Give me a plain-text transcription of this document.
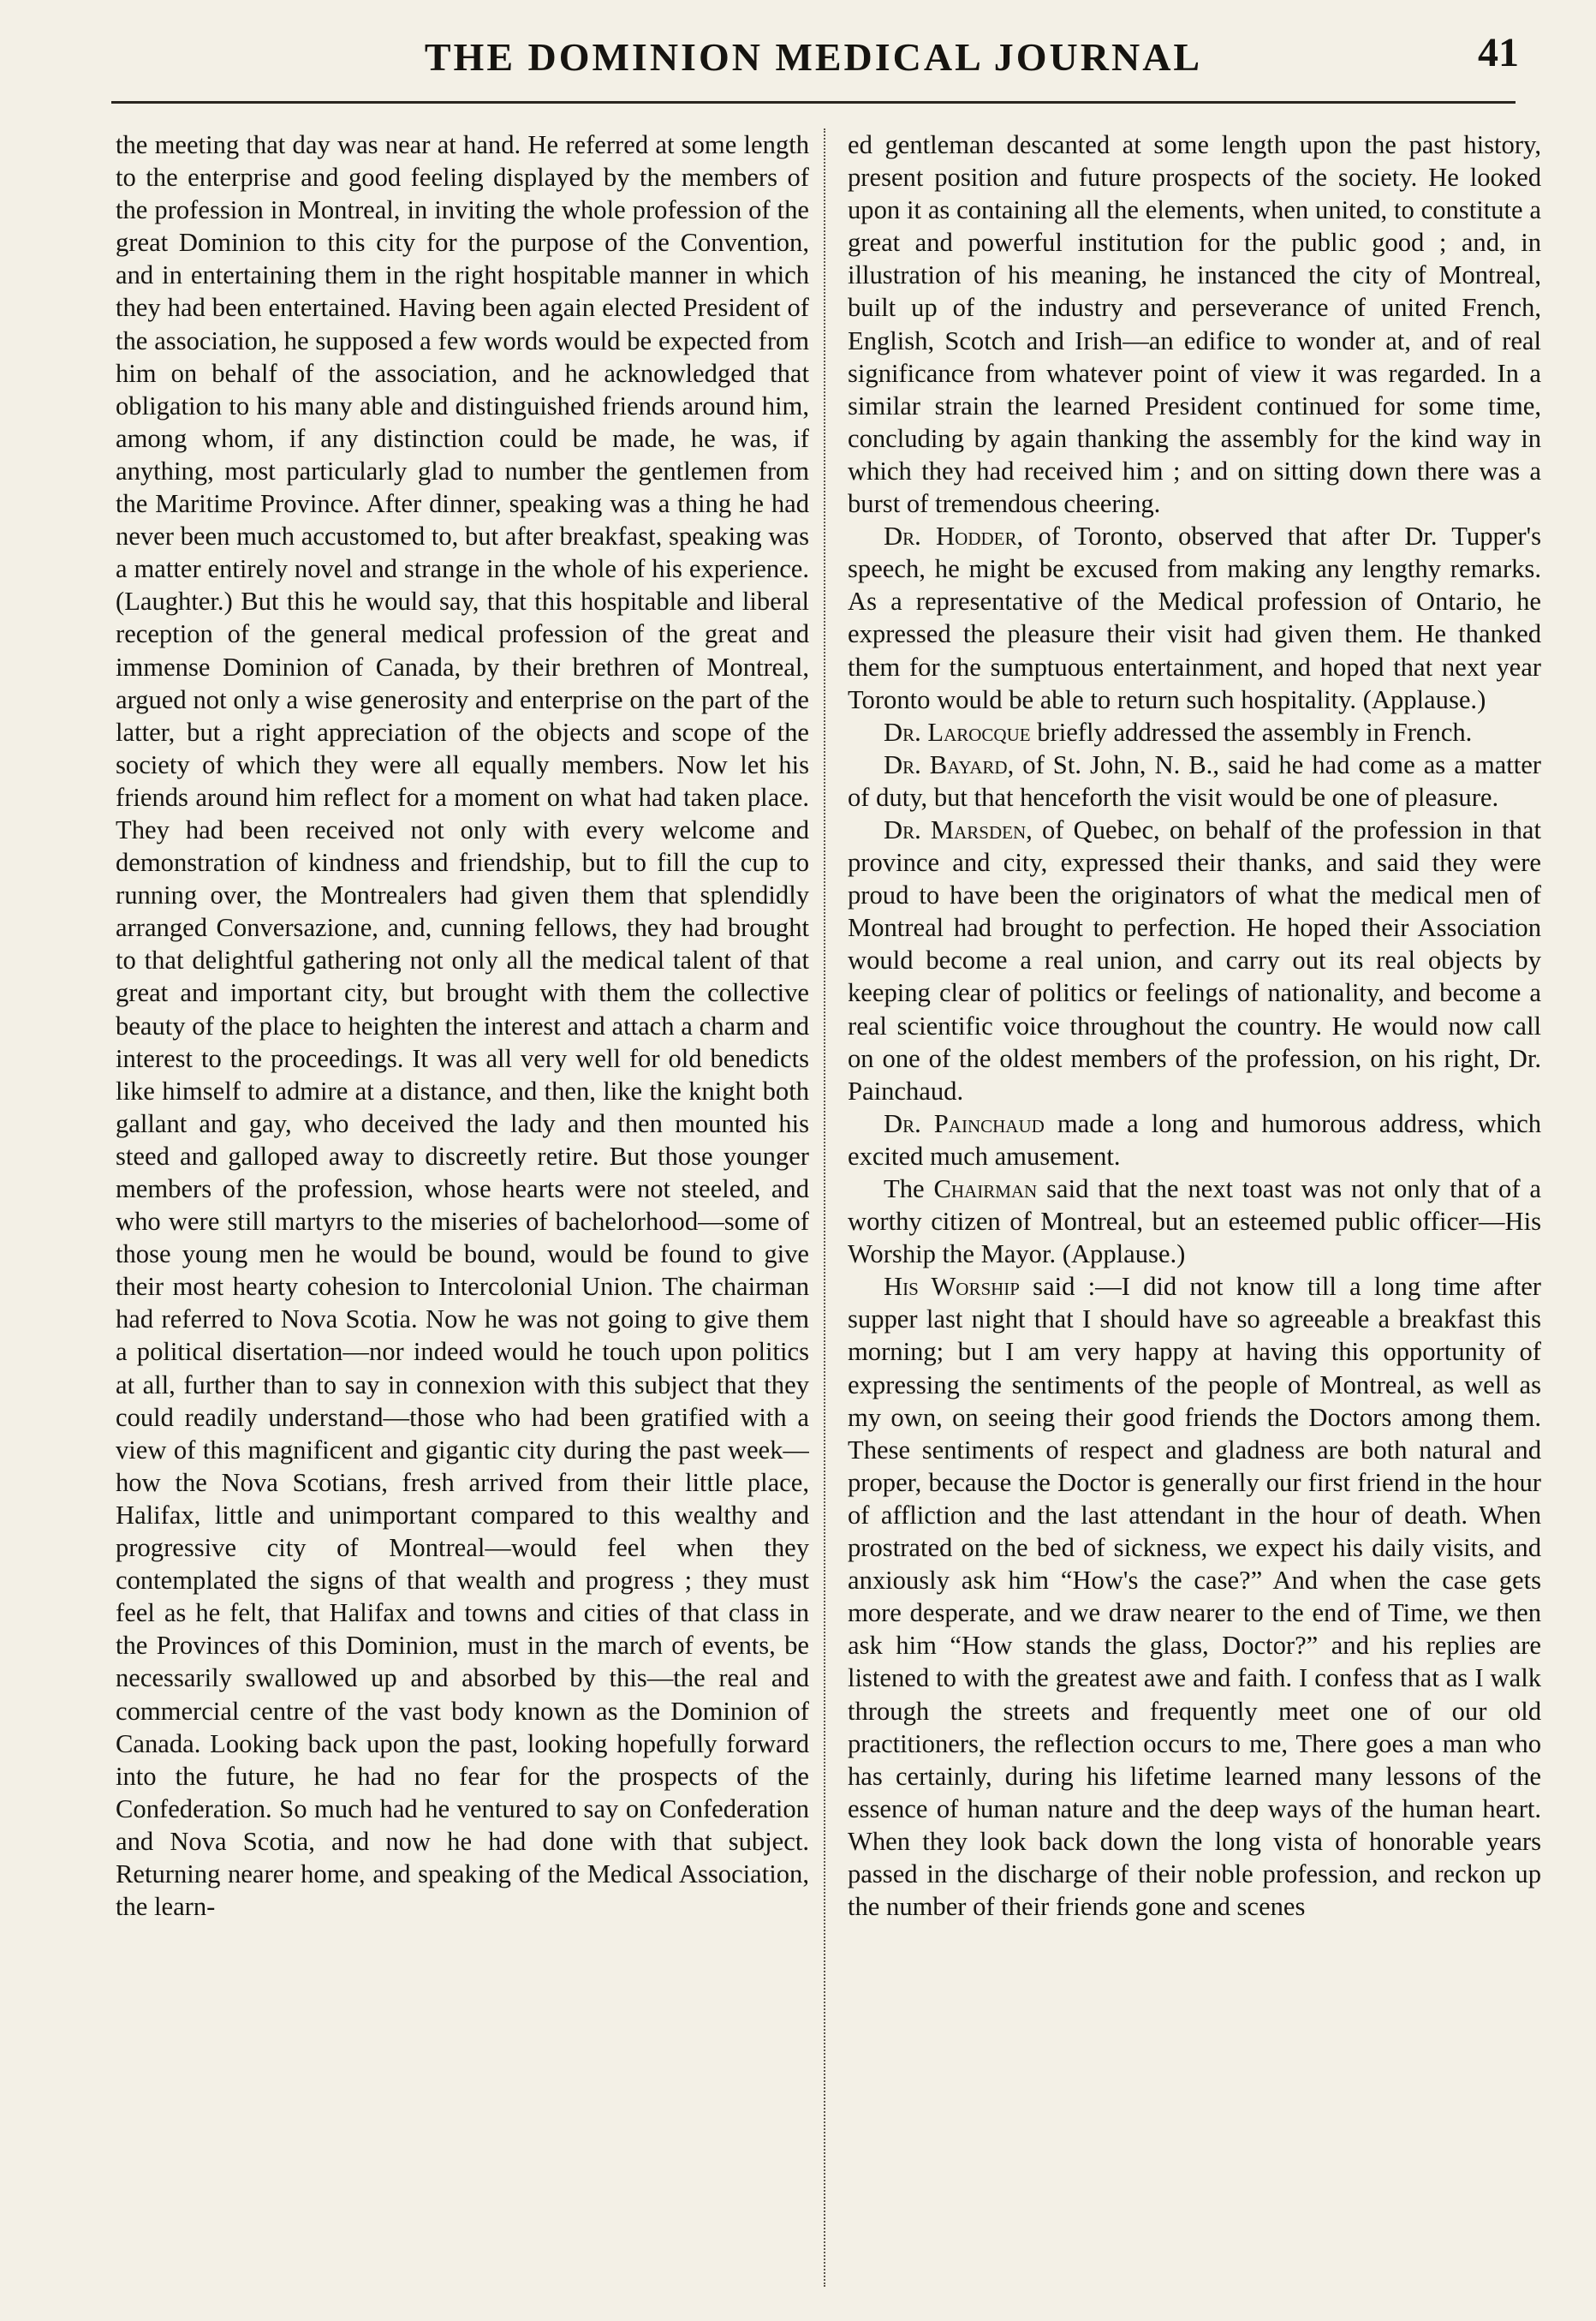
THE DOMINION MEDICAL JOURNAL	41

the meeting that day was near at hand. He referred at some length to the enterprise and good feeling displayed by the members of the profession in Montreal, in inviting the whole profession of the great Dominion to this city for the purpose of the Convention, and in entertaining them in the right hospitable manner in which they had been entertained. Having been again elected President of the association, he supposed a few words would be expected from him on behalf of the association, and he acknowledged that obligation to his many able and distinguished friends around him, among whom, if any distinction could be made, he was, if anything, most particularly glad to number the gentlemen from the Maritime Province. After dinner, speaking was a thing he had never been much accustomed to, but after breakfast, speaking was a matter entirely novel and strange in the whole of his experience. (Laughter.) But this he would say, that this hospitable and liberal reception of the general medical profession of the great and immense Dominion of Canada, by their brethren of Montreal, argued not only a wise generosity and enterprise on the part of the latter, but a right appreciation of the objects and scope of the society of which they were all equally members. Now let his friends around him reflect for a moment on what had taken place. They had been received not only with every welcome and demonstration of kindness and friendship, but to fill the cup to running over, the Montrealers had given them that splendidly arranged Conversazione, and, cunning fellows, they had brought to that delightful gathering not only all the medical talent of that great and important city, but brought with them the collective beauty of the place to heighten the interest and attach a charm and interest to the proceedings. It was all very well for old benedicts like himself to admire at a distance, and then, like the knight both gallant and gay, who deceived the lady and then mounted his steed and galloped away to discreetly retire. But those younger members of the profession, whose hearts were not steeled, and who were still martyrs to the miseries of bachelorhood—some of those young men he would be bound, would be found to give their most hearty cohesion to Intercolonial Union. The chairman had referred to Nova Scotia. Now he was not going to give them a political disertation—nor indeed would he touch upon politics at all, further than to say in connexion with this subject that they could readily understand—those who had been gratified with a view of this magnificent and gigantic city during the past week—how the Nova Scotians, fresh arrived from their little place, Halifax, little and unimportant compared to this wealthy and progressive city of Montreal—would feel when they contemplated the signs of that wealth and progress ; they must feel as he felt, that Halifax and towns and cities of that class in the Provinces of this Dominion, must in the march of events, be necessarily swallowed up and absorbed by this—the real and commercial centre of the vast body known as the Dominion of Canada. Looking back upon the past, looking hopefully forward into the future, he had no fear for the prospects of the Confederation. So much had he ventured to say on Confederation and Nova Scotia, and now he had done with that subject. Returning nearer home, and speaking of the Medical Association, the learn-

ed gentleman descanted at some length upon the past history, present position and future prospects of the society. He looked upon it as containing all the elements, when united, to constitute a great and powerful institution for the public good ; and, in illustration of his meaning, he instanced the city of Montreal, built up of the industry and perseverance of united French, English, Scotch and Irish—an edifice to wonder at, and of real significance from whatever point of view it was regarded. In a similar strain the learned President continued for some time, concluding by again thanking the assembly for the kind way in which they had received him ; and on sitting down there was a burst of tremendous cheering.

Dr. Hodder, of Toronto, observed that after Dr. Tupper's speech, he might be excused from making any lengthy remarks. As a representative of the Medical profession of Ontario, he expressed the pleasure their visit had given them. He thanked them for the sumptuous entertainment, and hoped that next year Toronto would be able to return such hospitality. (Applause.)

Dr. Larocque briefly addressed the assembly in French.

Dr. Bayard, of St. John, N. B., said he had come as a matter of duty, but that henceforth the visit would be one of pleasure.

Dr. Marsden, of Quebec, on behalf of the profession in that province and city, expressed their thanks, and said they were proud to have been the originators of what the medical men of Montreal had brought to perfection. He hoped their Association would become a real union, and carry out its real objects by keeping clear of politics or feelings of nationality, and become a real scientific voice throughout the country. He would now call on one of the oldest members of the profession, on his right, Dr. Painchaud.

Dr. Painchaud made a long and humorous address, which excited much amusement.

The Chairman said that the next toast was not only that of a worthy citizen of Montreal, but an esteemed public officer—His Worship the Mayor. (Applause.)

His Worship said :—I did not know till a long time after supper last night that I should have so agreeable a breakfast this morning; but I am very happy at having this opportunity of expressing the sentiments of the people of Montreal, as well as my own, on seeing their good friends the Doctors among them. These sentiments of respect and gladness are both natural and proper, because the Doctor is generally our first friend in the hour of affliction and the last attendant in the hour of death. When prostrated on the bed of sickness, we expect his daily visits, and anxiously ask him “How's the case?” And when the case gets more desperate, and we draw nearer to the end of Time, we then ask him “How stands the glass, Doctor?” and his replies are listened to with the greatest awe and faith. I confess that as I walk through the streets and frequently meet one of our old practitioners, the reflection occurs to me, There goes a man who has certainly, during his lifetime learned many lessons of the essence of human nature and the deep ways of the human heart. When they look back down the long vista of honorable years passed in the discharge of their noble profession, and reckon up the number of their friends gone and scenes
